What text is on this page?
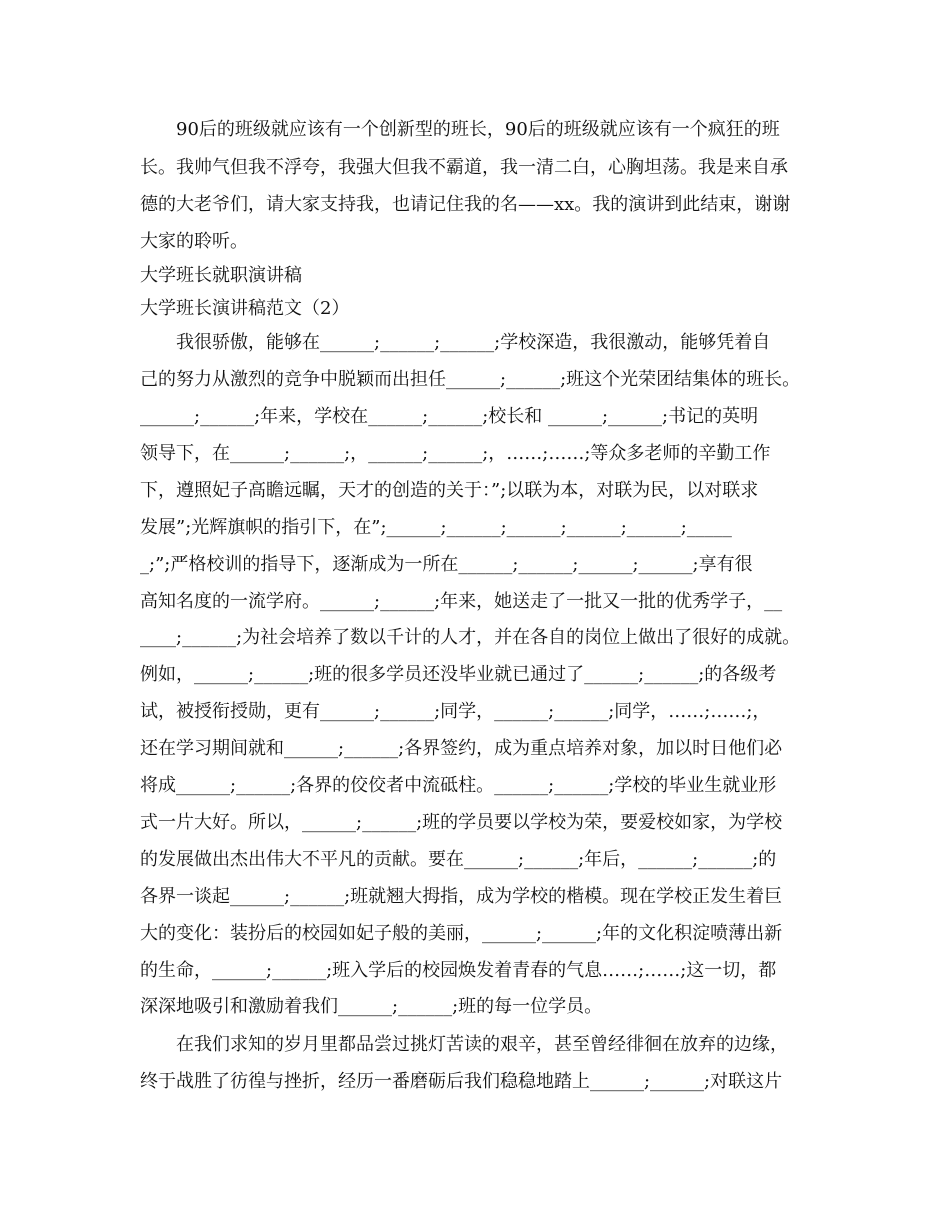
90后的班级就应该有一个创新型的班长，90后的班级就应该有一个疯狂的班
长。我帅气但我不浮夸，我强大但我不霸道，我一清二白，心胸坦荡。我是来自承
德的大老爷们，请大家支持我，也请记住我的名——xx。我的演讲到此结束，谢谢
大家的聆听。
大学班长就职演讲稿
大学班长演讲稿范文（2）
我很骄傲，能够在______;______;______;学校深造，我很激动，能够凭着自
己的努力从激烈的竞争中脱颖而出担任______;______;班这个光荣团结集体的班长。
______;______;年来，学校在______;______;校长和 ______;______;书记的英明
领导下，在______;______;，______;______;，……;……;等众多老师的辛勤工作
下，遵照妃子高瞻远瞩，天才的创造的关于：”;以联为本，对联为民，以对联求
发展”;光辉旗帜的指引下，在”;______;______;______;______;______;_____
_;”;严格校训的指导下，逐渐成为一所在______;______;______;______;享有很
高知名度的一流学府。______;______;年来，她送走了一批又一批的优秀学子，__
____;______;为社会培养了数以千计的人才，并在各自的岗位上做出了很好的成就。
例如，______;______;班的很多学员还没毕业就已通过了______;______;的各级考
试，被授衔授勋，更有______;______;同学，______;______;同学，……;……;，
还在学习期间就和______;______;各界签约，成为重点培养对象，加以时日他们必
将成______;______;各界的佼佼者中流砥柱。______;______;学校的毕业生就业形
式一片大好。所以，______;______;班的学员要以学校为荣，要爱校如家，为学校
的发展做出杰出伟大不平凡的贡献。要在______;______;年后，______;______;的
各界一谈起______;______;班就翘大拇指，成为学校的楷模。现在学校正发生着巨
大的变化：装扮后的校园如妃子般的美丽，______;______;年的文化积淀喷薄出新
的生命，______;______;班入学后的校园焕发着青春的气息……;……;这一切，都
深深地吸引和激励着我们______;______;班的每一位学员。
在我们求知的岁月里都品尝过挑灯苦读的艰辛，甚至曾经徘徊在放弃的边缘，
终于战胜了彷徨与挫折，经历一番磨砺后我们稳稳地踏上______;______;对联这片
